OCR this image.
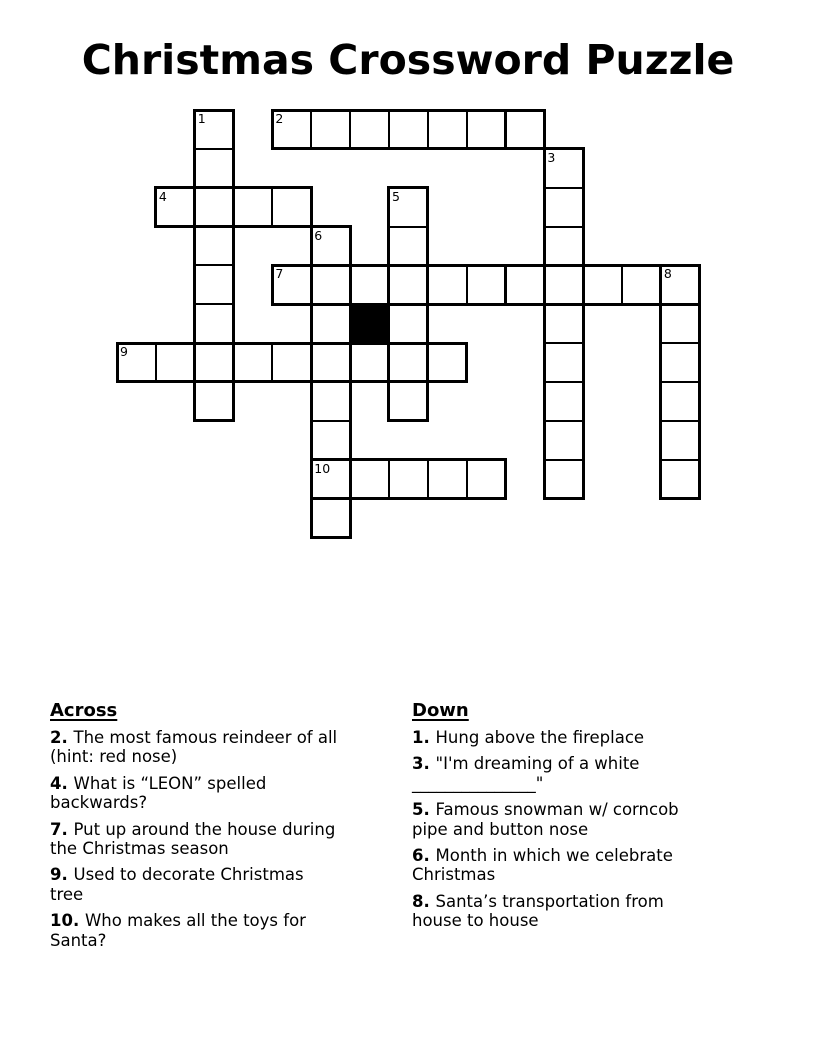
Christmas Crossword Puzzle
1	2
3
4	5
6
7	8
9
10
Across
2. The most famous reindeer of all
(hint: red nose)
4. What is “LEON” spelled
backwards?
7. Put up around the house during
the Christmas season
9. Used to decorate Christmas
tree
10. Who makes all the toys for
Santa?
Down
1. Hung above the fireplace
3. "I'm dreaming of a white
_______________"
5. Famous snowman w/ corncob
pipe and button nose
6. Month in which we celebrate
Christmas
8. Santa’s transportation from
house to house
